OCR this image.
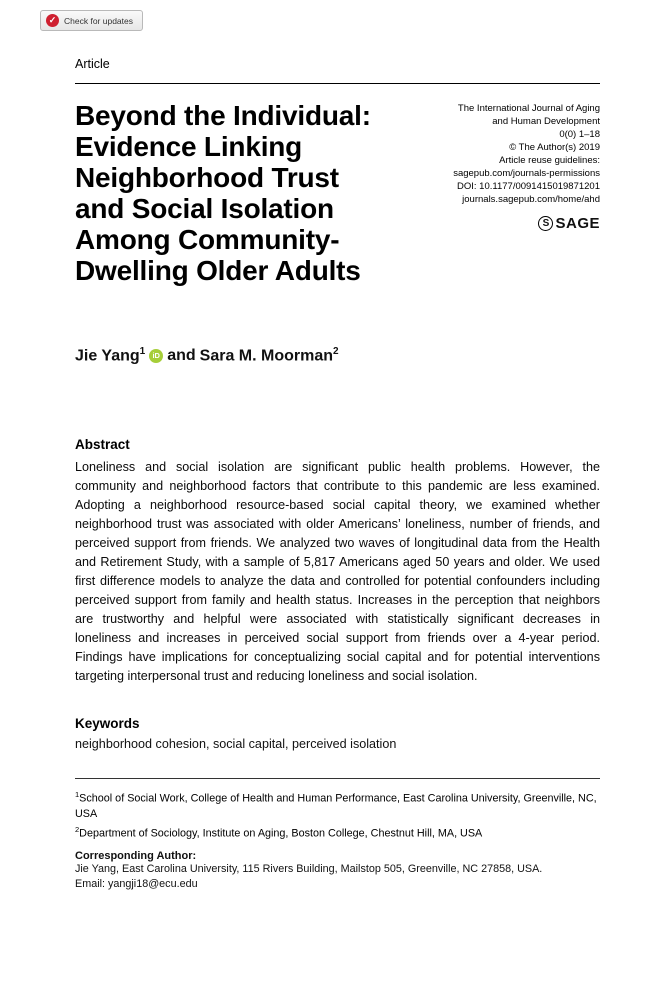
✓ Check for updates
Article
Beyond the Individual:
Evidence Linking
Neighborhood Trust
and Social Isolation
Among Community-
Dwelling Older Adults
The International Journal of Aging
and Human Development
0(0) 1–18
© The Author(s) 2019
Article reuse guidelines:
sagepub.com/journals-permissions
DOI: 10.1177/0091415019871201
journals.sagepub.com/home/ahd
S SAGE
Jie Yang$^1$ iD and Sara M. Moorman$^2$
Abstract
Loneliness and social isolation are significant public health problems. However, the community and neighborhood factors that contribute to this pandemic are less examined. Adopting a neighborhood resource-based social capital theory, we examined whether neighborhood trust was associated with older Americans’ loneliness, number of friends, and perceived support from friends. We analyzed two waves of longitudinal data from the Health and Retirement Study, with a sample of 5,817 Americans aged 50 years and older. We used first difference models to analyze the data and controlled for potential confounders including perceived support from family and health status. Increases in the perception that neighbors are trustworthy and helpful were associated with statistically significant decreases in loneliness and increases in perceived social support from friends over a 4-year period. Findings have implications for conceptualizing social capital and for potential interventions targeting interpersonal trust and reducing loneliness and social isolation.
Keywords
neighborhood cohesion, social capital, perceived isolation
$^1$School of Social Work, College of Health and Human Performance, East Carolina University, Greenville, NC, USA
$^2$Department of Sociology, Institute on Aging, Boston College, Chestnut Hill, MA, USA
Corresponding Author:
Jie Yang, East Carolina University, 115 Rivers Building, Mailstop 505, Greenville, NC 27858, USA.
Email: yangji18@ecu.edu
